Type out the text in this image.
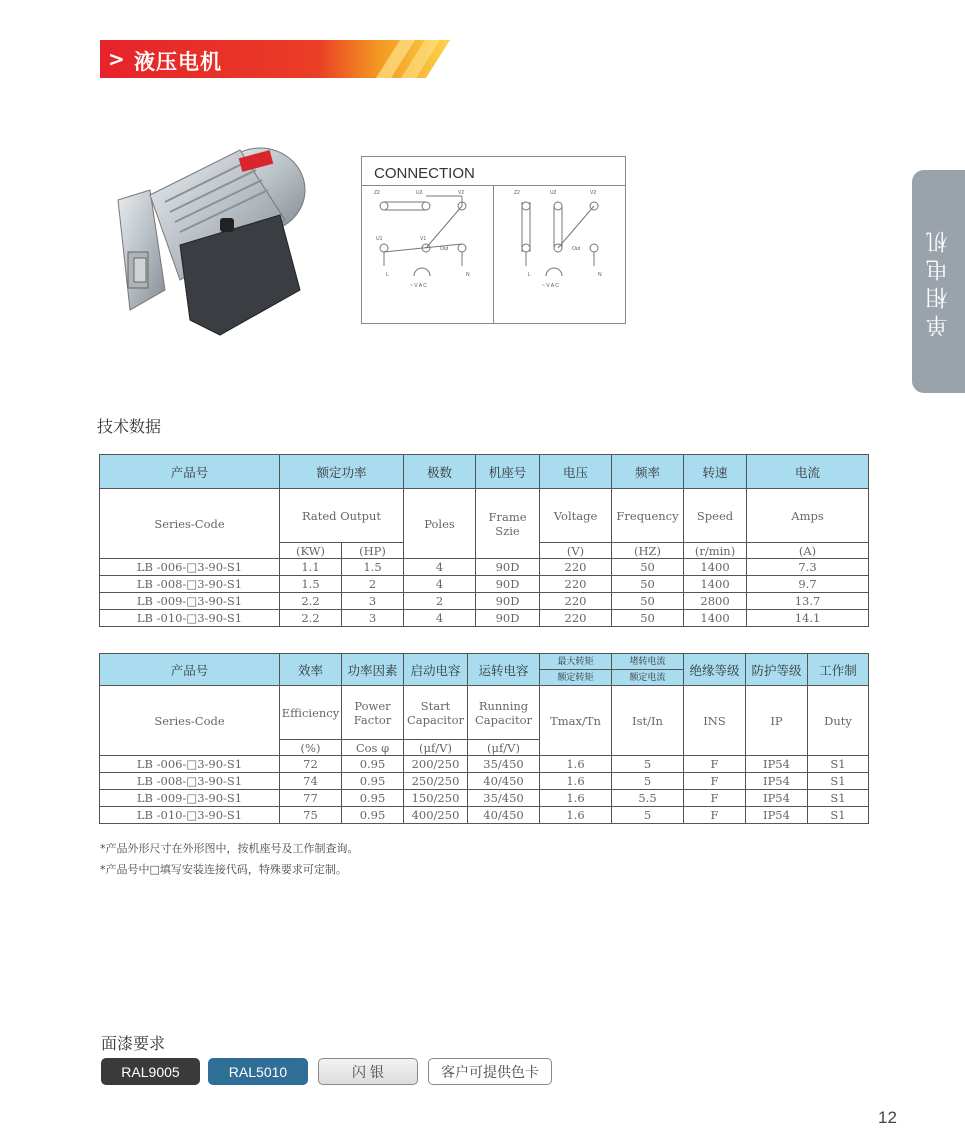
> 液压电机
单相电机
CONNECTION
Z2	U2	V2
U1	V1
Out
L	N
~ V A C
Z2	U2	V2
Out
L	N
~ V A C
技术数据
产品号	额定功率		极数	机座号	电压	频率	转速	电流
Series-Code	Rated Output		Poles	Frame Szie	Voltage	Frequency	Speed	Amps
	(KW)	(HP)			(V)	(HZ)	(r/min)	(A)
LB -006-□3-90-S1	1.1	1.5	4	90D	220	50	1400	7.3
LB -008-□3-90-S1	1.5	2	4	90D	220	50	1400	9.7
LB -009-□3-90-S1	2.2	3	2	90D	220	50	2800	13.7
LB -010-□3-90-S1	2.2	3	4	90D	220	50	1400	14.1
产品号	效率	功率因素	启动电容	运转电容	最大转矩	堵转电流	绝缘等级	防护等级	工作制
					额定转矩	额定电流			
Series-Code	Efficiency	Power Factor	Start Capacitor	Running Capacitor	Tmax/Tn	Ist/In	INS	IP	Duty
	(%)	Cos φ	(μf/V)	(μf/V)					
LB -006-□3-90-S1	72	0.95	200/250	35/450	1.6	5	F	IP54	S1
LB -008-□3-90-S1	74	0.95	250/250	40/450	1.6	5	F	IP54	S1
LB -009-□3-90-S1	77	0.95	150/250	35/450	1.6	5.5	F	IP54	S1
LB -010-□3-90-S1	75	0.95	400/250	40/450	1.6	5	F	IP54	S1
*产品外形尺寸在外形图中，按机座号及工作制查询。
*产品号中□填写安装连接代码，特殊要求可定制。
面漆要求
RAL9005	RAL5010	闪 银	客户可提供色卡
12
